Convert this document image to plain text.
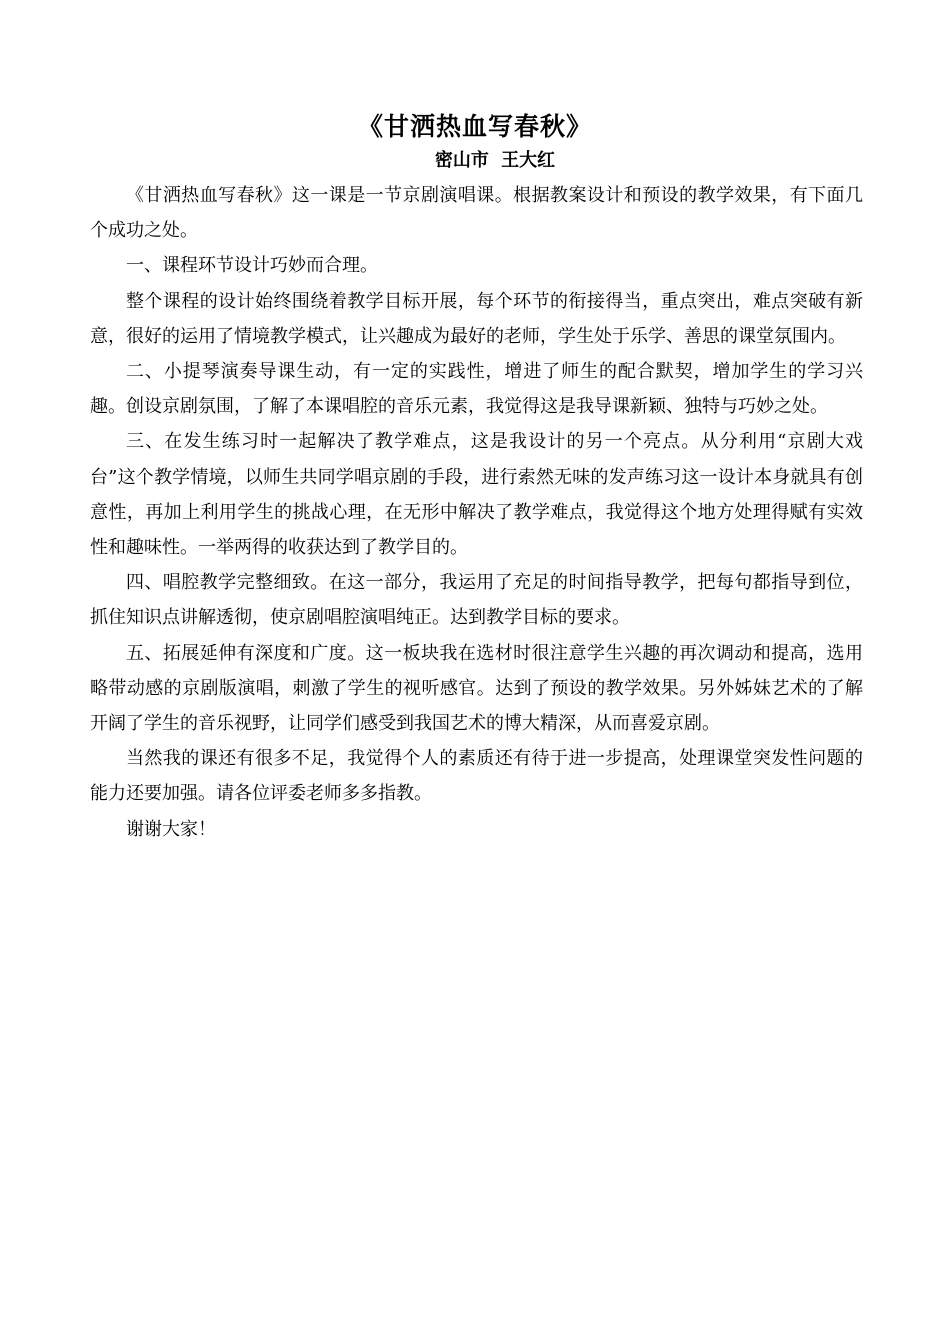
《甘洒热血写春秋》
密山市 王大红

《甘洒热血写春秋》这一课是一节京剧演唱课。根据教案设计和预设的教学效果，有下面几个成功之处。

一、课程环节设计巧妙而合理。

整个课程的设计始终围绕着教学目标开展，每个环节的衔接得当，重点突出，难点突破有新意，很好的运用了情境教学模式，让兴趣成为最好的老师，学生处于乐学、善思的课堂氛围内。

二、小提琴演奏导课生动，有一定的实践性，增进了师生的配合默契，增加学生的学习兴趣。创设京剧氛围，了解了本课唱腔的音乐元素，我觉得这是我导课新颖、独特与巧妙之处。

三、在发生练习时一起解决了教学难点，这是我设计的另一个亮点。从分利用“京剧大戏台”这个教学情境，以师生共同学唱京剧的手段，进行索然无味的发声练习这一设计本身就具有创意性，再加上利用学生的挑战心理，在无形中解决了教学难点，我觉得这个地方处理得赋有实效性和趣味性。一举两得的收获达到了教学目的。

四、唱腔教学完整细致。在这一部分，我运用了充足的时间指导教学，把每句都指导到位，抓住知识点讲解透彻，使京剧唱腔演唱纯正。达到教学目标的要求。

五、拓展延伸有深度和广度。这一板块我在选材时很注意学生兴趣的再次调动和提高，选用略带动感的京剧版演唱，刺激了学生的视听感官。达到了预设的教学效果。另外姊妹艺术的了解开阔了学生的音乐视野，让同学们感受到我国艺术的博大精深，从而喜爱京剧。

当然我的课还有很多不足，我觉得个人的素质还有待于进一步提高，处理课堂突发性问题的能力还要加强。请各位评委老师多多指教。

谢谢大家！
